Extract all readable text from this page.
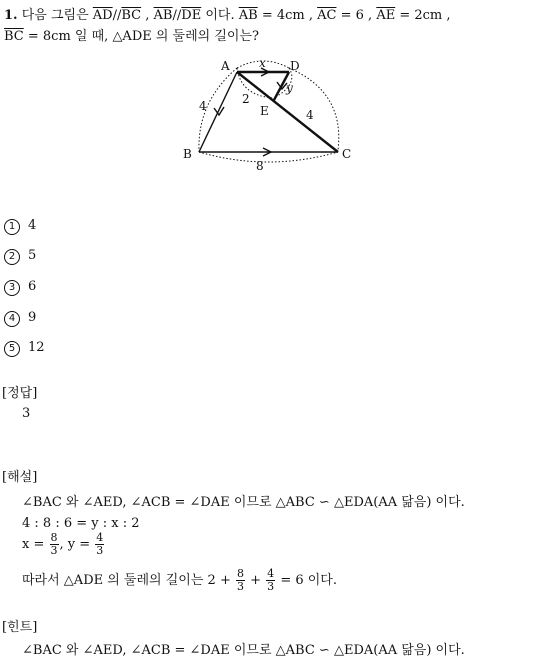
1. 다음 그림은 $\overline{AD}//\overline{BC}$ , $\overline{AB}//\overline{DE}$ 이다. $\overline{AB} = 4cm$ , $\overline{AC} = 6$ , $\overline{AE} = 2cm$ ,
$\overline{BC} = 8cm$ 일 때, △ADE 의 둘레의 길이는?
A	D
E
B	C
x
y
4	2
4
8
1 4
2 5
3 6
4 9
5 12
[정답]
3
[해설]
∠BAC 와 ∠AED, ∠ACB = ∠DAE 이므로 △ABC ∽ △EDA(AA 닮음) 이다.
4 : 8 : 6 = y : x : 2
$x = \frac{8}{3}$ , $y = \frac{4}{3}$
따라서 △ADE 의 둘레의 길이는 $2 + \frac{8}{3} + \frac{4}{3} = 6$ 이다.
[힌트]
∠BAC 와 ∠AED, ∠ACB = ∠DAE 이므로 △ABC ∽ △EDA(AA 닮음) 이다.
